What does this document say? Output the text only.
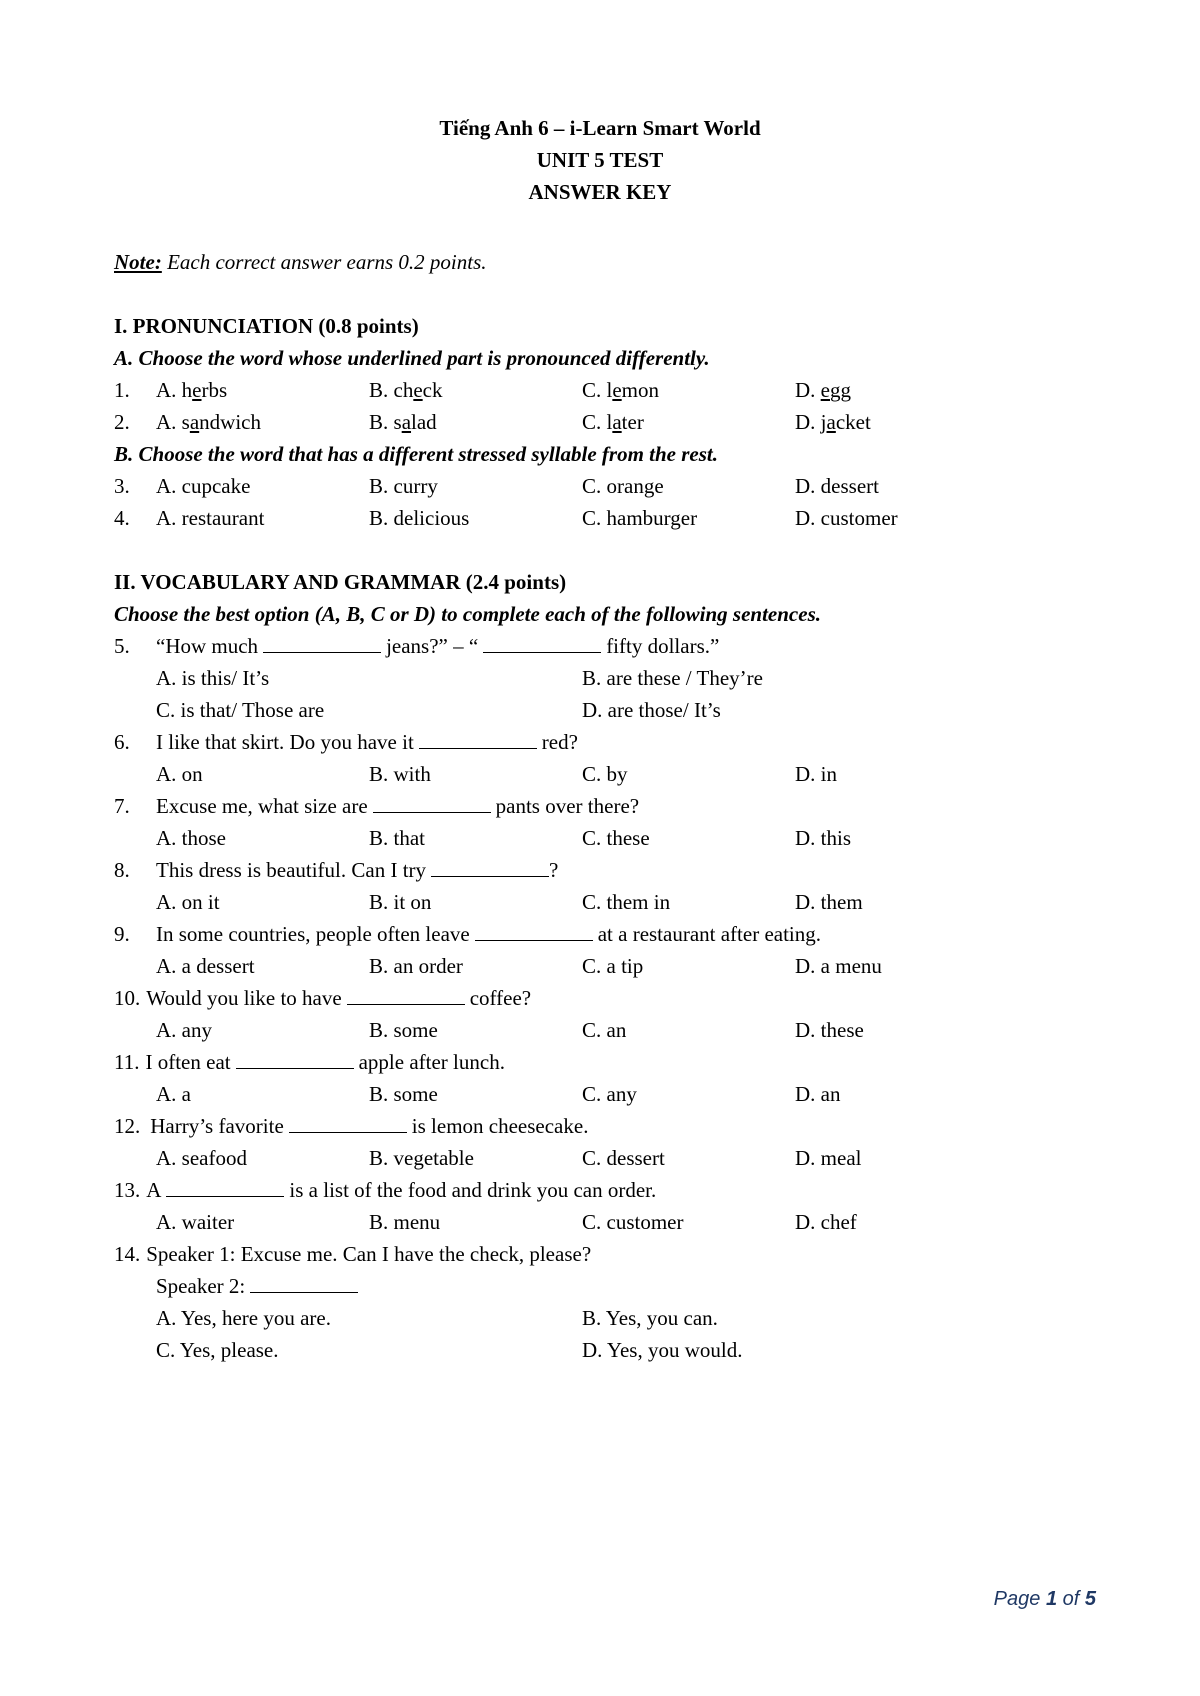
Tiếng Anh 6 – i-Learn Smart World
UNIT 5 TEST
ANSWER KEY
Note: Each correct answer earns 0.2 points.
I. PRONUNCIATION (0.8 points)
A. Choose the word whose underlined part is pronounced differently.
1.	A. herbs	B. check	C. lemon	D. egg
2.	A. sandwich	B. salad	C. later	D. jacket
B. Choose the word that has a different stressed syllable from the rest.
3.	A. cupcake	B. curry	C. orange	D. dessert
4.	A. restaurant	B. delicious	C. hamburger	D. customer
II. VOCABULARY AND GRAMMAR (2.4 points)
Choose the best option (A, B, C or D) to complete each of the following sentences.
5.	“How much	jeans?” – “	fifty dollars.”
A. is this/ It’s	B. are these / They’re
C. is that/ Those are	D. are those/ It’s
6.	I like that skirt. Do you have it	red?
A. on	B. with	C. by	D. in
7.	Excuse me, what size are	pants over there?
A. those	B. that	C. these	D. this
8.	This dress is beautiful. Can I try	?
A. on it	B. it on	C. them in	D. them
9.	In some countries, people often leave	at a restaurant after eating.
A. a dessert	B. an order	C. a tip	D. a menu
10. Would you like to have	coffee?
A. any	B. some	C. an	D. these
11. I often eat	apple after lunch.
A. a	B. some	C. any	D. an
12. Harry’s favorite	is lemon cheesecake.
A. seafood	B. vegetable	C. dessert	D. meal
13. A	is a list of the food and drink you can order.
A. waiter	B. menu	C. customer	D. chef
14. Speaker 1: Excuse me. Can I have the check, please?
Speaker 2:
A. Yes, here you are.	B. Yes, you can.
C. Yes, please.	D. Yes, you would.
Page 1 of 5
